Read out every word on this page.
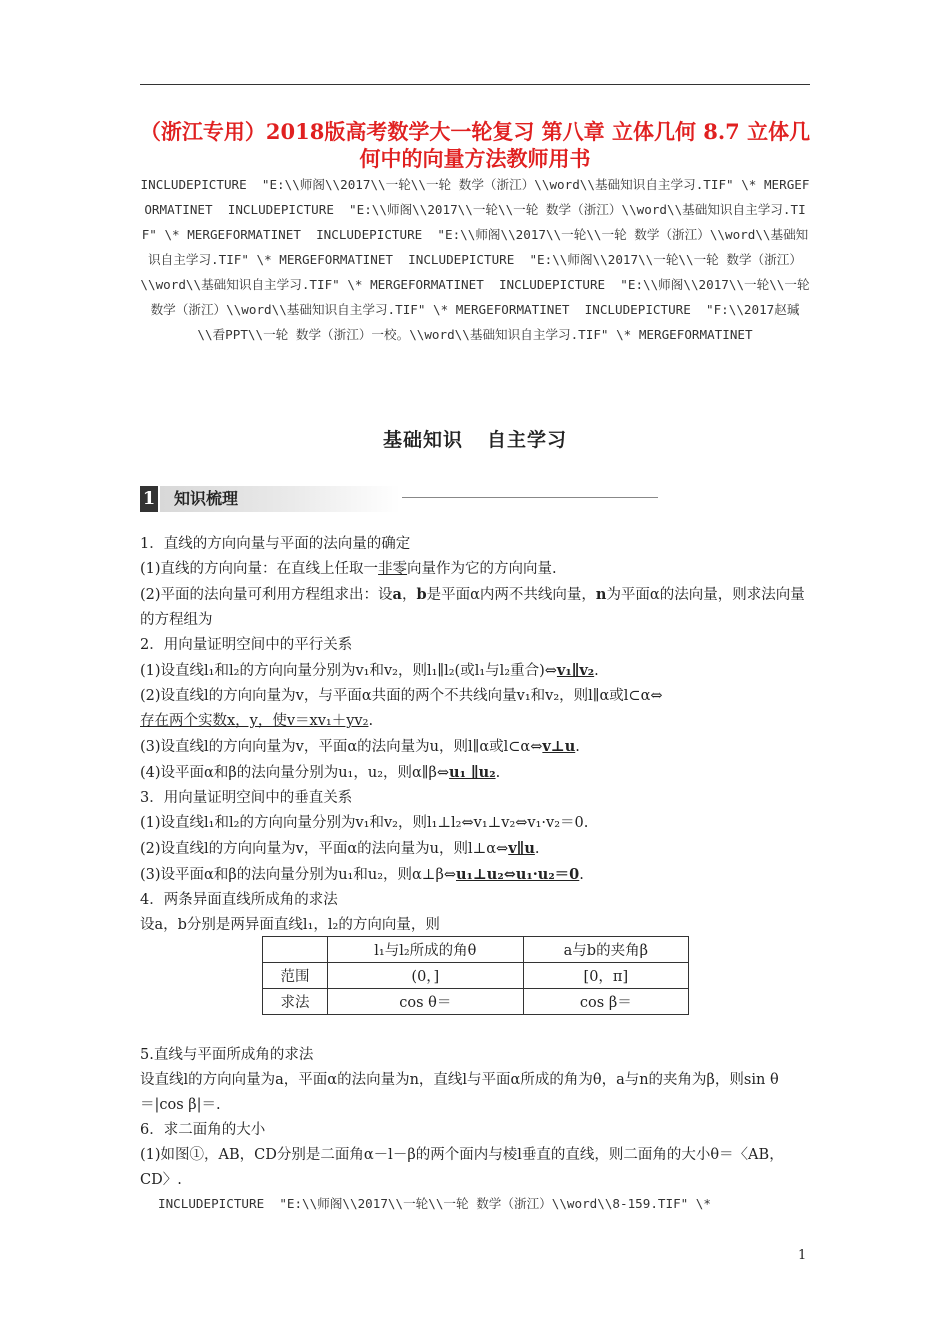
（浙江专用）2018版高考数学大一轮复习 第八章 立体几何 8.7 立体几何中的向量方法教师用书
INCLUDEPICTURE  "E:\\师阁\\2017\\一轮\\一轮 数学（浙江）\\word\\基础知识自主学习.TIF" \* MERGEFORMATINET  INCLUDEPICTURE  "E:\\师阁\\2017\\一轮\\一轮 数学（浙江）\\word\\基础知识自主学习.TIF" \* MERGEFORMATINET  INCLUDEPICTURE  "E:\\师阁\\2017\\一轮\\一轮 数学（浙江）\\word\\基础知识自主学习.TIF" \* MERGEFORMATINET  INCLUDEPICTURE  "E:\\师阁\\2017\\一轮\\一轮 数学（浙江）\\word\\基础知识自主学习.TIF" \* MERGEFORMATINET  INCLUDEPICTURE  "E:\\师阁\\2017\\一轮\\一轮 数学（浙江）\\word\\基础知识自主学习.TIF" \* MERGEFORMATINET  INCLUDEPICTURE  "F:\\2017赵瑊\\看PPT\\一轮 数学（浙江）一校。\\word\\基础知识自主学习.TIF" \* MERGEFORMATINET
基础知识 自主学习
1	知识梳理

1．直线的方向向量与平面的法向量的确定

(1)直线的方向向量：在直线上任取一非零向量作为它的方向向量.

(2)平面的法向量可利用方程组求出：设a，b是平面α内两不共线向量，n为平面α的法向量，则求法向量的方程组为

2．用向量证明空间中的平行关系

(1)设直线l₁和l₂的方向向量分别为v₁和v₂，则l₁∥l₂(或l₁与l₂重合)⇔v₁∥v₂.

(2)设直线l的方向向量为v，与平面α共面的两个不共线向量v₁和v₂，则l∥α或l⊂α⇔
存在两个实数x，y，使v＝xv₁＋yv₂.

(3)设直线l的方向向量为v，平面α的法向量为u，则l∥α或l⊂α⇔v⊥u.

(4)设平面α和β的法向量分别为u₁，u₂，则α∥β⇔u₁ ∥u₂.

3．用向量证明空间中的垂直关系

(1)设直线l₁和l₂的方向向量分别为v₁和v₂，则l₁⊥l₂⇔v₁⊥v₂⇔v₁·v₂＝0.

(2)设直线l的方向向量为v，平面α的法向量为u，则l⊥α⇔v∥u.

(3)设平面α和β的法向量分别为u₁和u₂，则α⊥β⇔u₁⊥u₂⇔u₁·u₂＝0.

4．两条异面直线所成角的求法

设a，b分别是两异面直线l₁，l₂的方向向量，则

	l₁与l₂所成的角θ	a与b的夹角β
范围	(0，]	[0，π]
求法	cos θ＝	cos β＝

5.直线与平面所成角的求法

设直线l的方向向量为a，平面α的法向量为n，直线l与平面α所成的角为θ，a与n的夹角为β，则sin θ＝|cos β|＝.

6．求二面角的大小

(1)如图①，AB，CD分别是二面角α－l－β的两个面内与棱l垂直的直线，则二面角的大小θ＝〈AB，CD〉.

INCLUDEPICTURE  "E:\\师阁\\2017\\一轮\\一轮 数学（浙江）\\word\\8-159.TIF" \*
1
